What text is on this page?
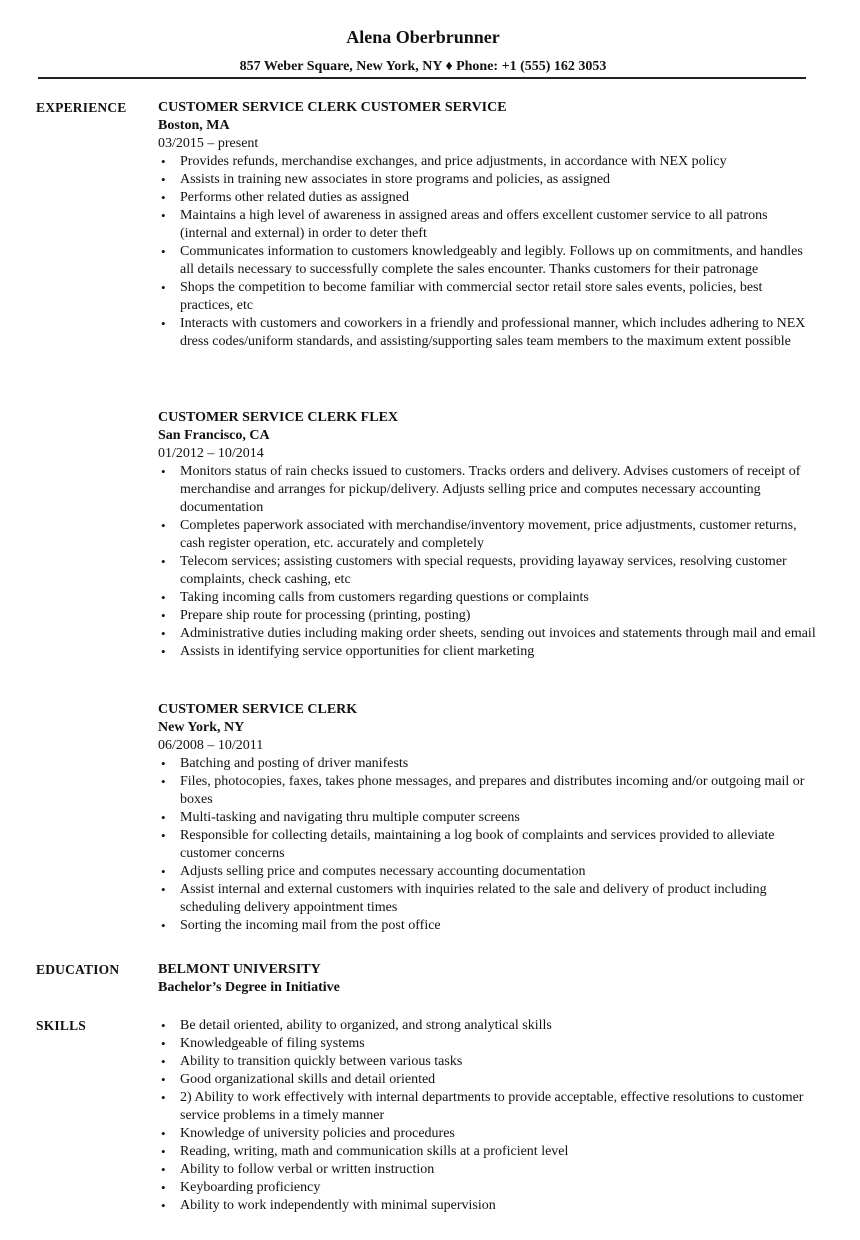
Alena Oberbrunner
857 Weber Square, New York, NY ♦ Phone: +1 (555) 162 3053
EXPERIENCE CUSTOMER SERVICE CLERK CUSTOMER SERVICE
Boston, MA
03/2015 – present
• Provides refunds, merchandise exchanges, and price adjustments, in accordance with NEX policy
• Assists in training new associates in store programs and policies, as assigned
• Performs other related duties as assigned
• Maintains a high level of awareness in assigned areas and offers excellent customer service to all patrons (internal and external) in order to deter theft
• Communicates information to customers knowledgeably and legibly. Follows up on commitments, and handles all details necessary to successfully complete the sales encounter. Thanks customers for their patronage
• Shops the competition to become familiar with commercial sector retail store sales events, policies, best practices, etc
• Interacts with customers and coworkers in a friendly and professional manner, which includes adhering to NEX dress codes/uniform standards, and assisting/supporting sales team members to the maximum extent possible
CUSTOMER SERVICE CLERK FLEX
San Francisco, CA
01/2012 – 10/2014
• Monitors status of rain checks issued to customers. Tracks orders and delivery. Advises customers of receipt of merchandise and arranges for pickup/delivery. Adjusts selling price and computes necessary accounting documentation
• Completes paperwork associated with merchandise/inventory movement, price adjustments, customer returns, cash register operation, etc. accurately and completely
• Telecom services; assisting customers with special requests, providing layaway services, resolving customer complaints, check cashing, etc
• Taking incoming calls from customers regarding questions or complaints
• Prepare ship route for processing (printing, posting)
• Administrative duties including making order sheets, sending out invoices and statements through mail and email
• Assists in identifying service opportunities for client marketing
CUSTOMER SERVICE CLERK
New York, NY
06/2008 – 10/2011
• Batching and posting of driver manifests
• Files, photocopies, faxes, takes phone messages, and prepares and distributes incoming and/or outgoing mail or boxes
• Multi-tasking and navigating thru multiple computer screens
• Responsible for collecting details, maintaining a log book of complaints and services provided to alleviate customer concerns
• Adjusts selling price and computes necessary accounting documentation
• Assist internal and external customers with inquiries related to the sale and delivery of product including scheduling delivery appointment times
• Sorting the incoming mail from the post office
EDUCATION	BELMONT UNIVERSITY
Bachelor’s Degree in Initiative
SKILLS	• Be detail oriented, ability to organized, and strong analytical skills
• Knowledgeable of filing systems
• Ability to transition quickly between various tasks
• Good organizational skills and detail oriented
• 2) Ability to work effectively with internal departments to provide acceptable, effective resolutions to customer service problems in a timely manner
• Knowledge of university policies and procedures
• Reading, writing, math and communication skills at a proficient level
• Ability to follow verbal or written instruction
• Keyboarding proficiency
• Ability to work independently with minimal supervision
